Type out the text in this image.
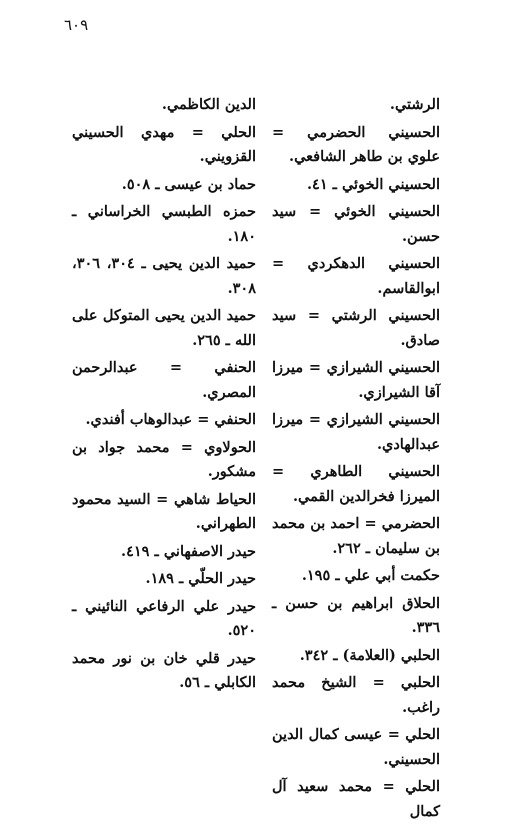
٦٠٩

الرشتي.

الحسيني الحضرمي = علوي بن طاهر الشافعي.

الحسيني الخوئي ـ ٤١.

الحسيني الخوئي = سيد حسن.

الحسيني الدهكردي = ابوالقاسم.

الحسيني الرشتي = سيد صادق.

الحسيني الشيرازي = ميرزا آقا الشيرازي.

الحسيني الشيرازي = ميرزا عبدالهادي.

الحسيني الطاهري = الميرزا فخرالدين القمي.

الحضرمي = احمد بن محمد بن سليمان ـ ٢٦٢.

حكمت أبي علي ـ ١٩٥.

الحلاق ابراهيم بن حسن ـ ٣٣٦.

الحلبي (العلامة) ـ ٣٤٢.

الحلبي = الشيخ محمد راغب.

الحلي = عيسى كمال الدين الحسيني.

الحلي = محمد سعيد آل كمال

الدين الكاظمي.

الحلي = مهدي الحسيني القزويني.

حماد بن عيسى ـ ٥٠٨.

حمزه الطبسي الخراساني ـ ١٨٠.

حميد الدين يحيى ـ ٣٠٤، ٣٠٦، ٣٠٨.

حميد الدين يحيى المتوكل على الله ـ ٢٦٥.

الحنفي = عبدالرحمن المصري.

الحنفي = عبدالوهاب أفندي.

الحولاوي = محمد جواد بن مشكور.

الحياط شاهي = السيد محمود الطهراني.

حيدر الاصفهاني ـ ٤١٩.

حيدر الحلّي ـ ١٨٩.

حيدر علي الرفاعي النائيني ـ ٥٢٠.

حيدر قلي خان بن نور محمد الكابلي ـ ٥٦.
